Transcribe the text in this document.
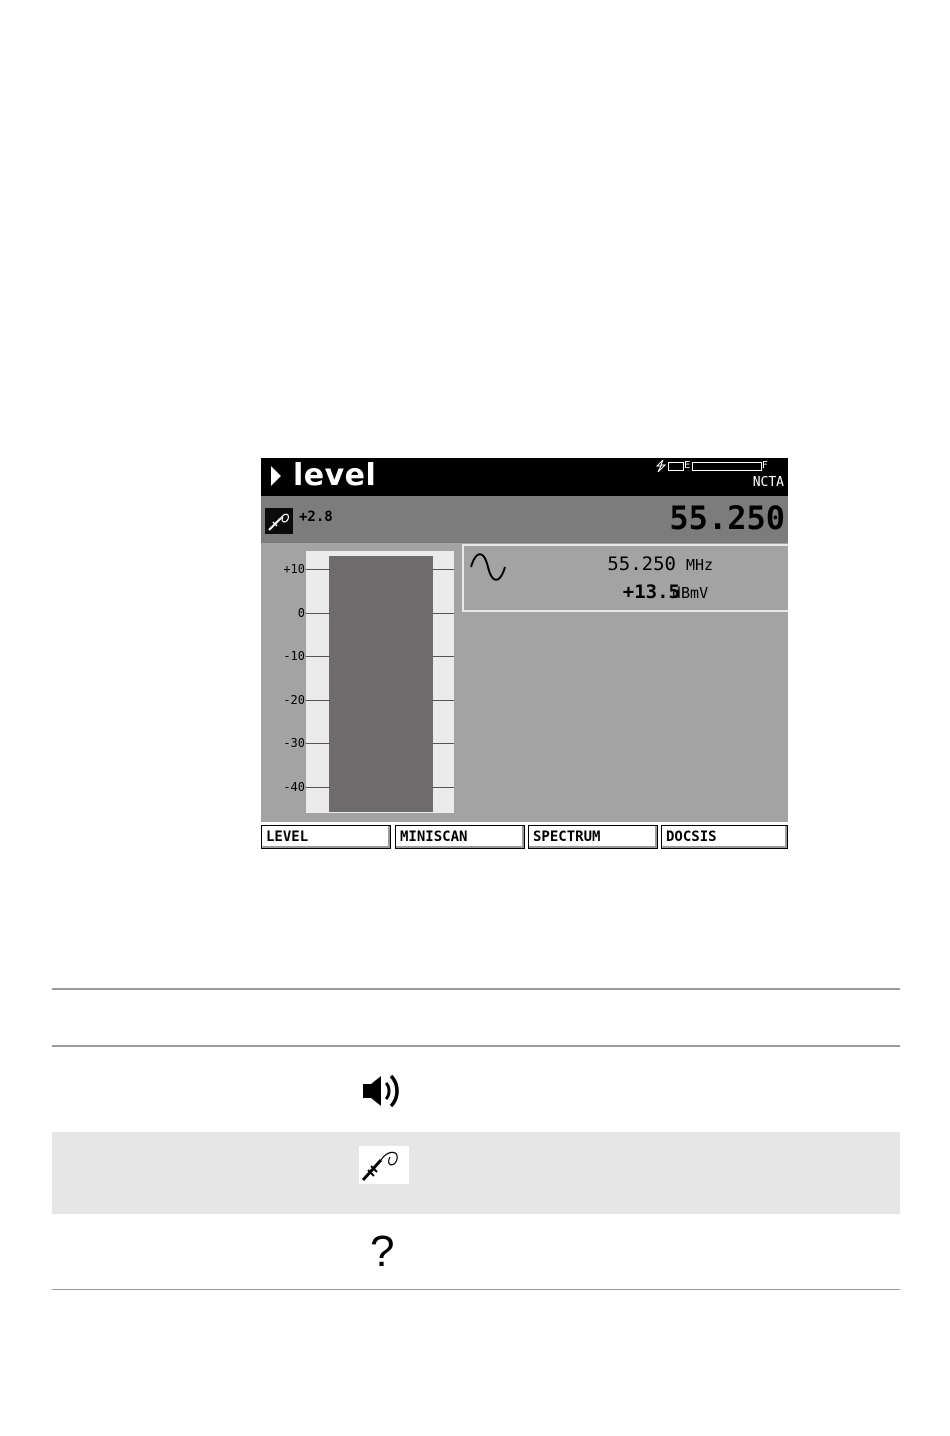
level	E	F
NCTA
+2.8	55.250
+10
0
-10
-20
-30
-40
55.250 MHz
+13.5
dBmV
LEVEL	MINISCAN	SPECTRUM	DOCSIS
?
